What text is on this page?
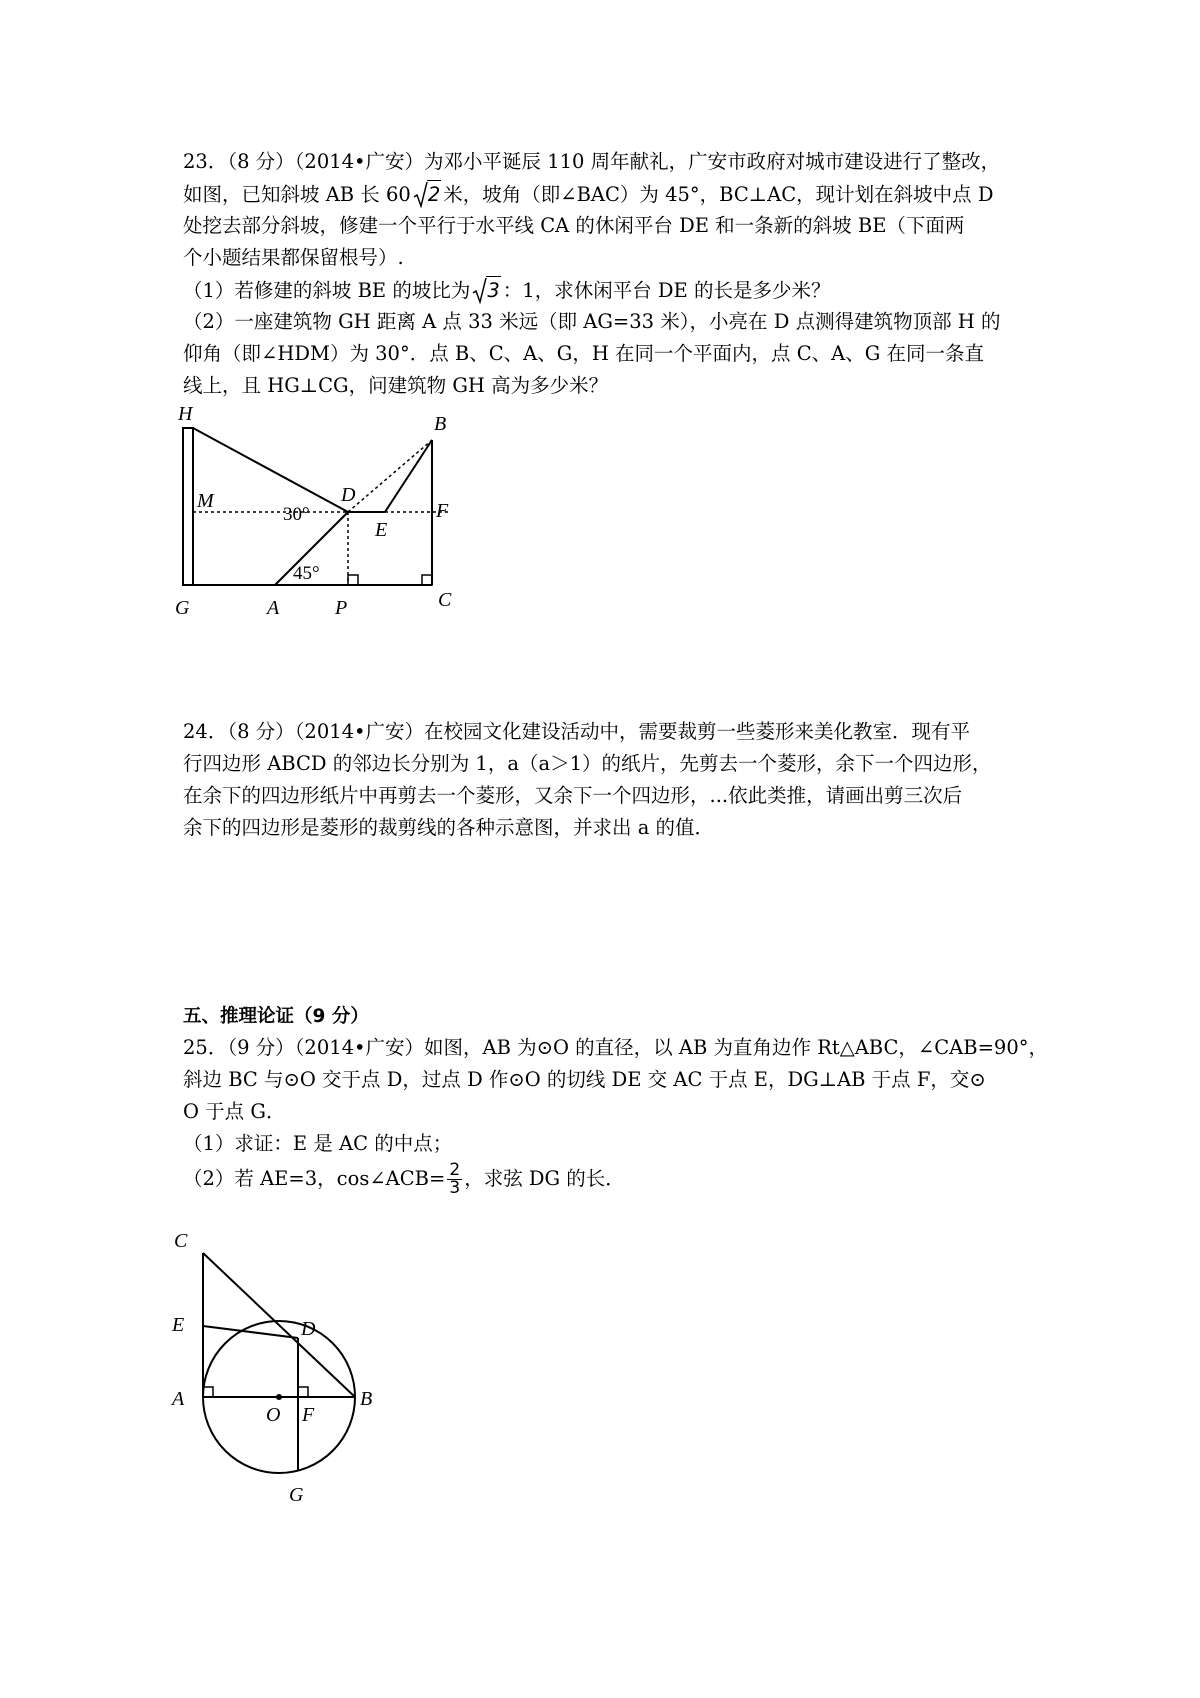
23．（8 分）（2014•广安）为邓小平诞辰 110 周年献礼，广安市政府对城市建设进行了整改，
如图，已知斜坡 AB 长 60 2 米，坡角（即∠BAC）为 45°，BC⊥AC，现计划在斜坡中点 D
处挖去部分斜坡，修建一个平行于水平线 CA 的休闲平台 DE 和一条新的斜坡 BE（下面两
个小题结果都保留根号）.
（1）若修建的斜坡 BE 的坡比为 3 ：1，求休闲平台 DE 的长是多少米？
（2）一座建筑物 GH 距离 A 点 33 米远（即 AG=33 米），小亮在 D 点测得建筑物顶部 H 的
仰角（即∠HDM）为 30°．点 B、C、A、G，H 在同一个平面内，点 C、A、G 在同一条直
线上，且 HG⊥CG，问建筑物 GH 高为多少米？
H	B
M
30°
D
F
E
45°
G	A	P	C
24．（8 分）（2014•广安）在校园文化建设活动中，需要裁剪一些菱形来美化教室．现有平
行四边形 ABCD 的邻边长分别为 1，a（a＞1）的纸片，先剪去一个菱形，余下一个四边形，
在余下的四边形纸片中再剪去一个菱形，又余下一个四边形，...依此类推，请画出剪三次后
余下的四边形是菱形的裁剪线的各种示意图，并求出 a 的值．
五、推理论证（9 分）
25．（9 分）（2014•广安）如图，AB 为⊙O 的直径，以 AB 为直角边作 Rt△ABC，∠CAB=90°，
斜边 BC 与⊙O 交于点 D，过点 D 作⊙O 的切线 DE 交 AC 于点 E，DG⊥AB 于点 F，交⊙
O 于点 G．
（1）求证：E 是 AC 的中点；
（2）若 AE=3，cos∠ACB= $\frac{2}{3}$ ，求弦 DG 的长．
C
E	D
A
O F
B
G
